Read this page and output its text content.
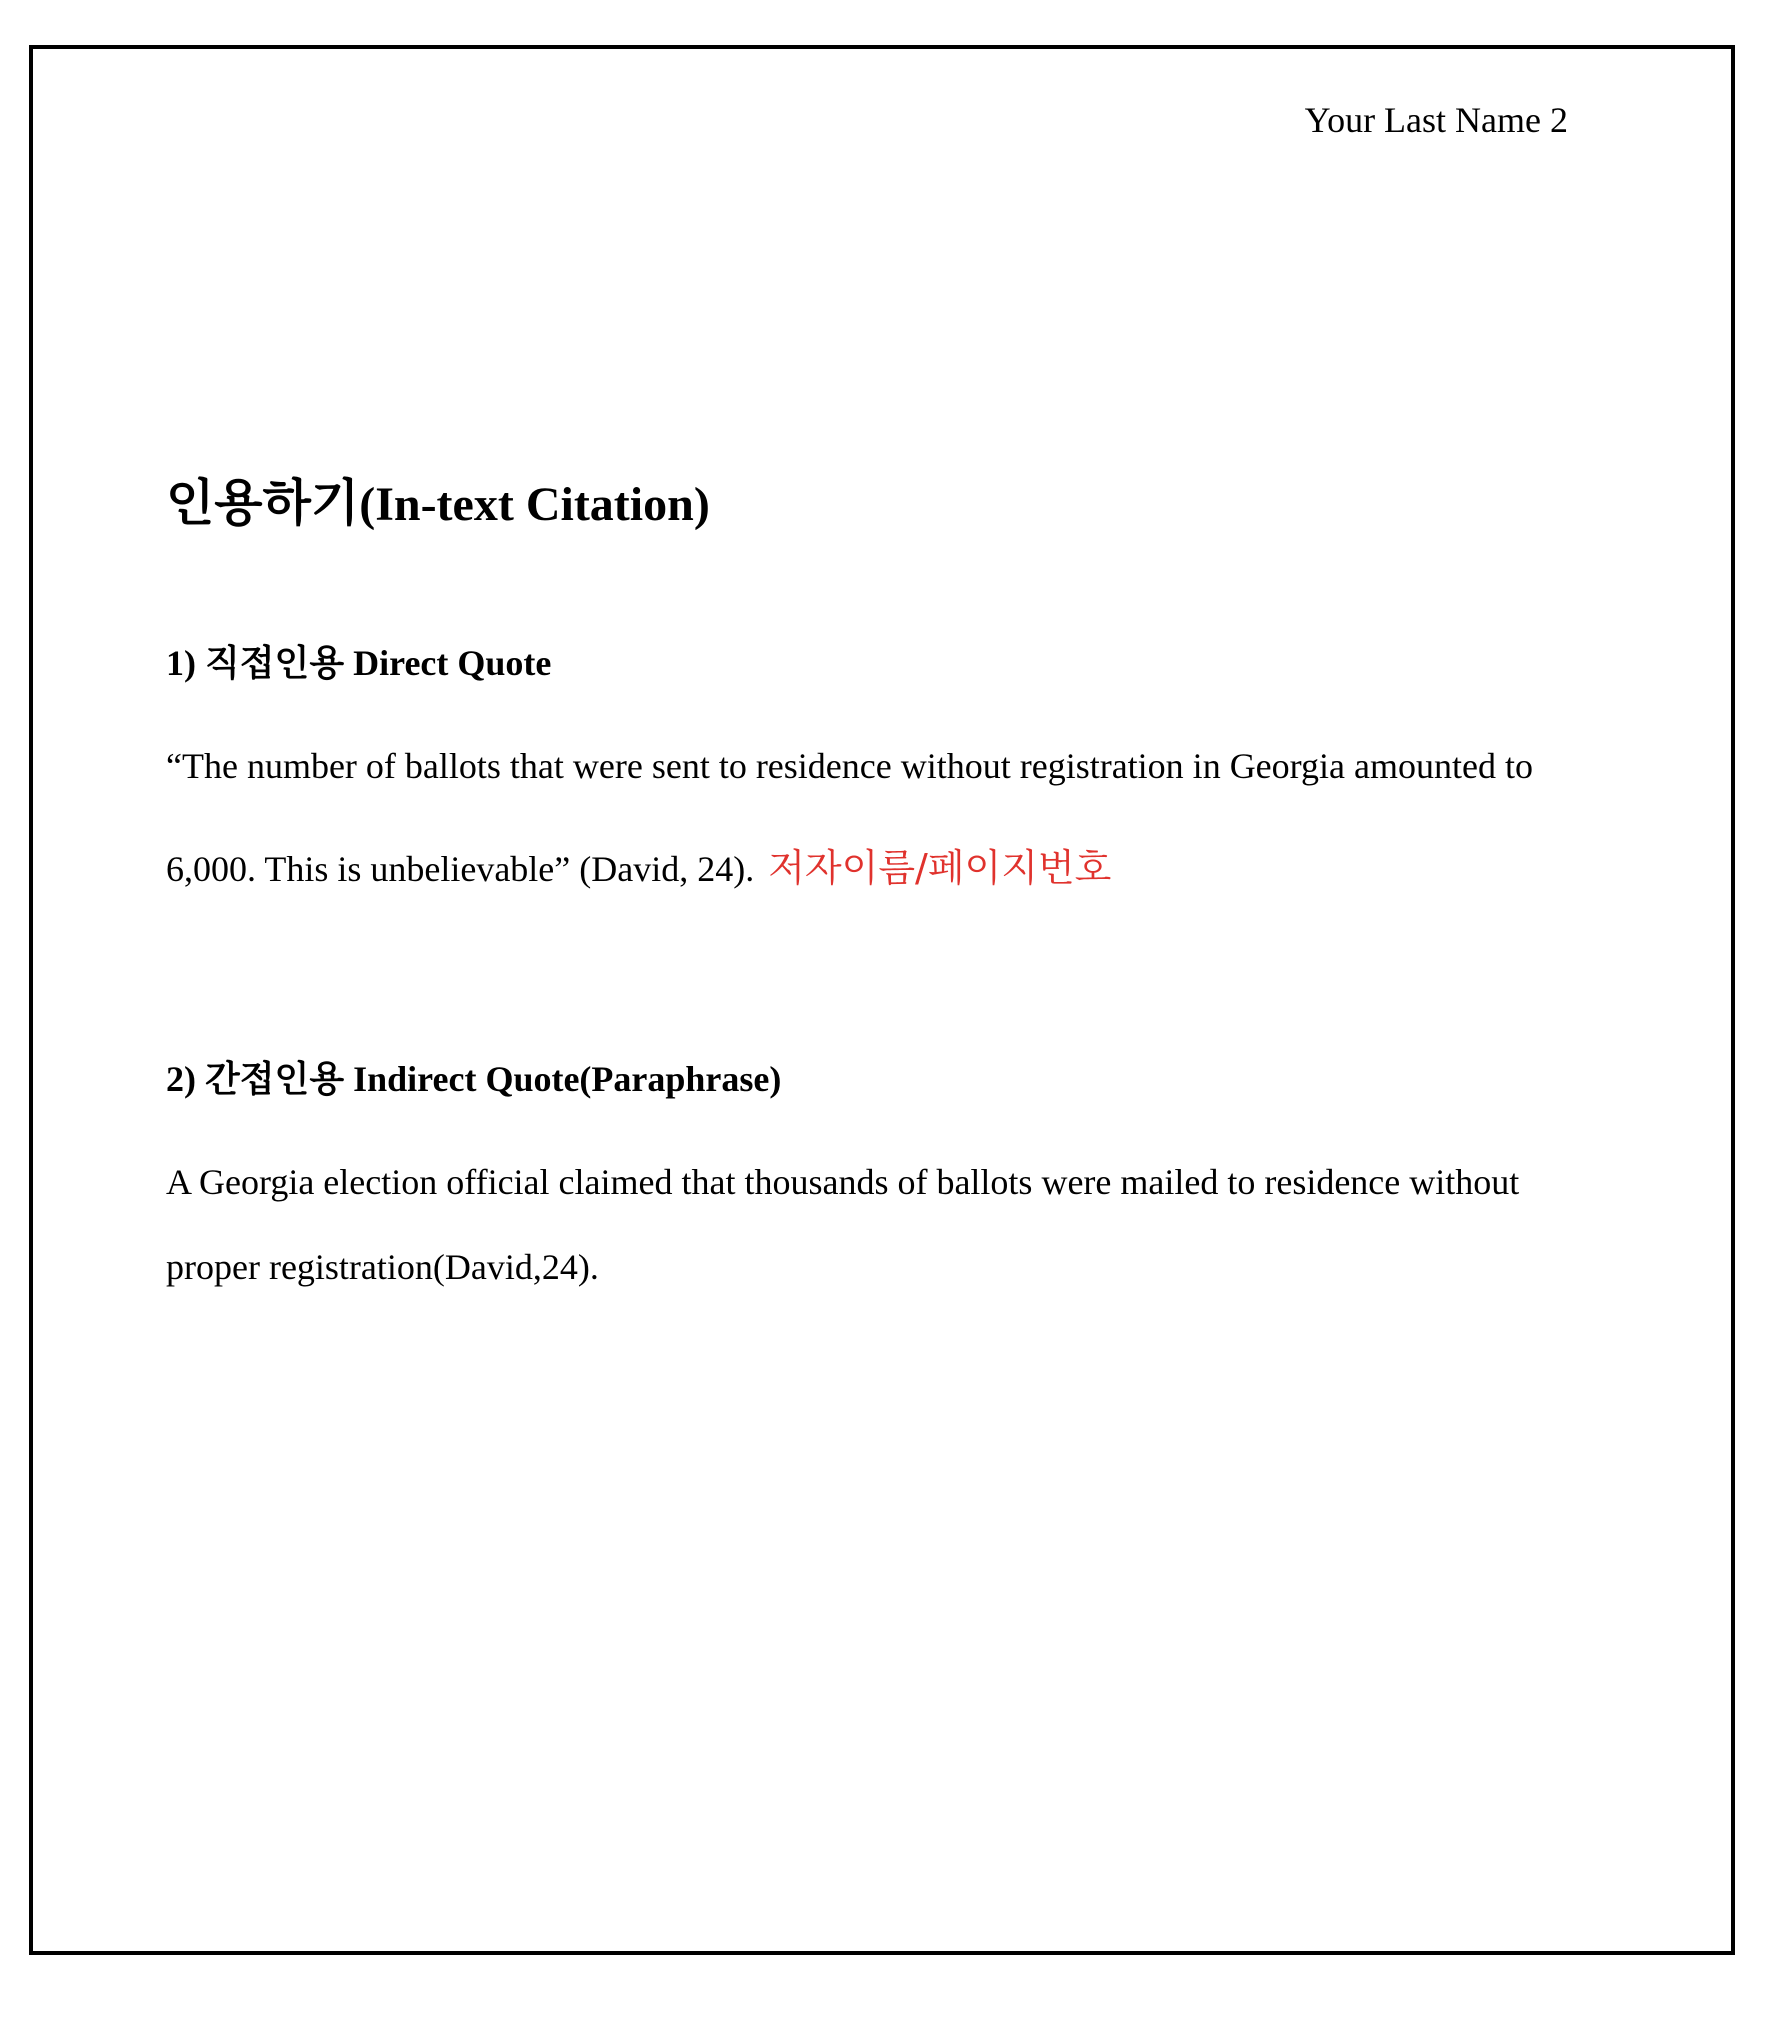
Your Last Name 2
인용하기(In-text Citation)
1) 직접인용 Direct Quote
“The number of ballots that were sent to residence without registration in Georgia amounted to
6,000. This is unbelievable” (David, 24). 저자이름/페이지번호
2) 간접인용 Indirect Quote(Paraphrase)
A Georgia election official claimed that thousands of ballots were mailed to residence without
proper registration(David,24).
